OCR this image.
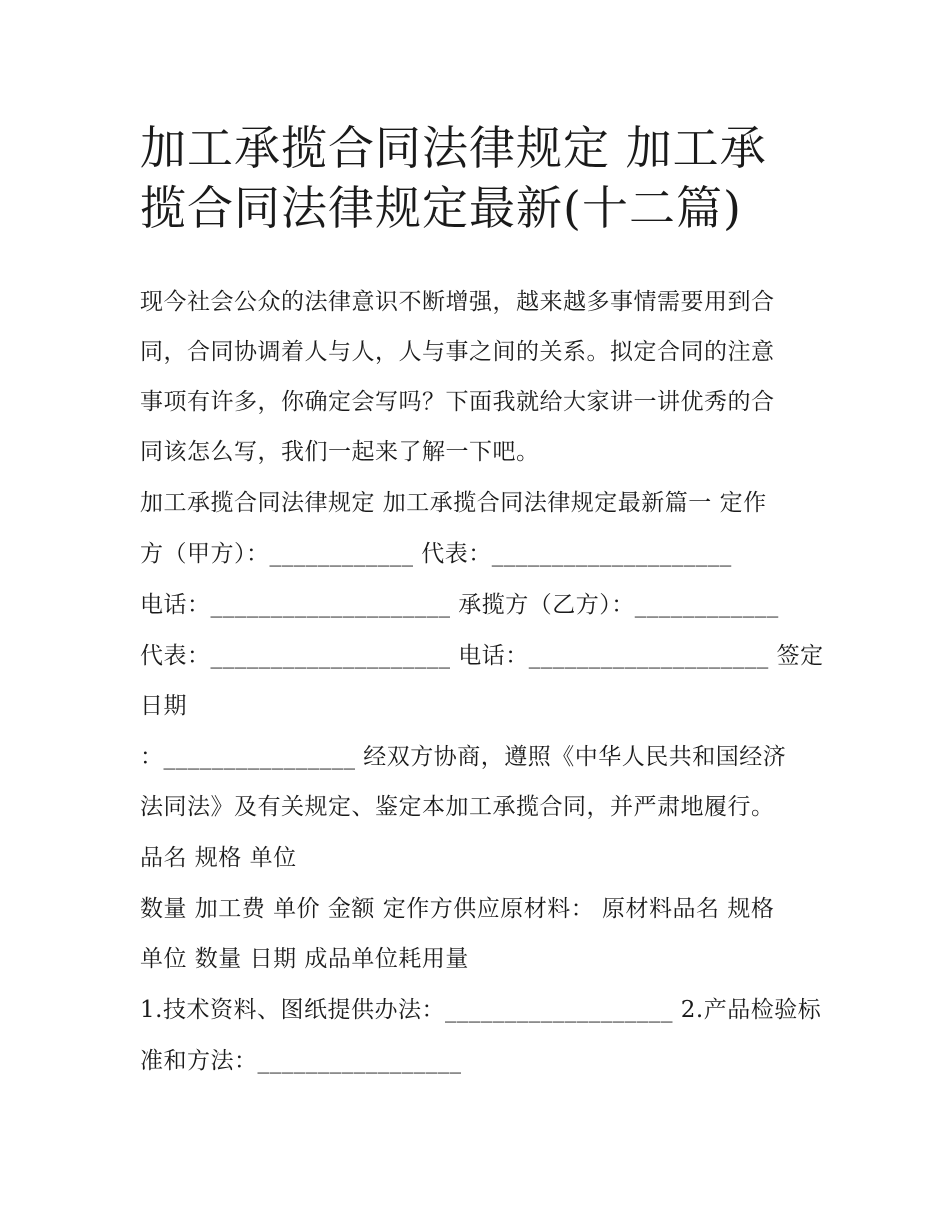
加工承揽合同法律规定 加工承
揽合同法律规定最新(十二篇)

现今社会公众的法律意识不断增强，越来越多事情需要用到合

同，合同协调着人与人，人与事之间的关系。拟定合同的注意

事项有许多，你确定会写吗？下面我就给大家讲一讲优秀的合

同该怎么写，我们一起来了解一下吧。

加工承揽合同法律规定 加工承揽合同法律规定最新篇一 定作

方（甲方）：____________ 代表：____________________

电话：____________________ 承揽方（乙方）：____________

代表：____________________ 电话：____________________ 签定

日期

：________________ 经双方协商，遵照《中华人民共和国经济

法同法》及有关规定、鉴定本加工承揽合同，并严肃地履行。

品名 规格 单位

数量 加工费 单价 金额 定作方供应原材料： 原材料品名 规格

单位 数量 日期 成品单位耗用量

1.技术资料、图纸提供办法：___________________ 2.产品检验标

准和方法：_________________
